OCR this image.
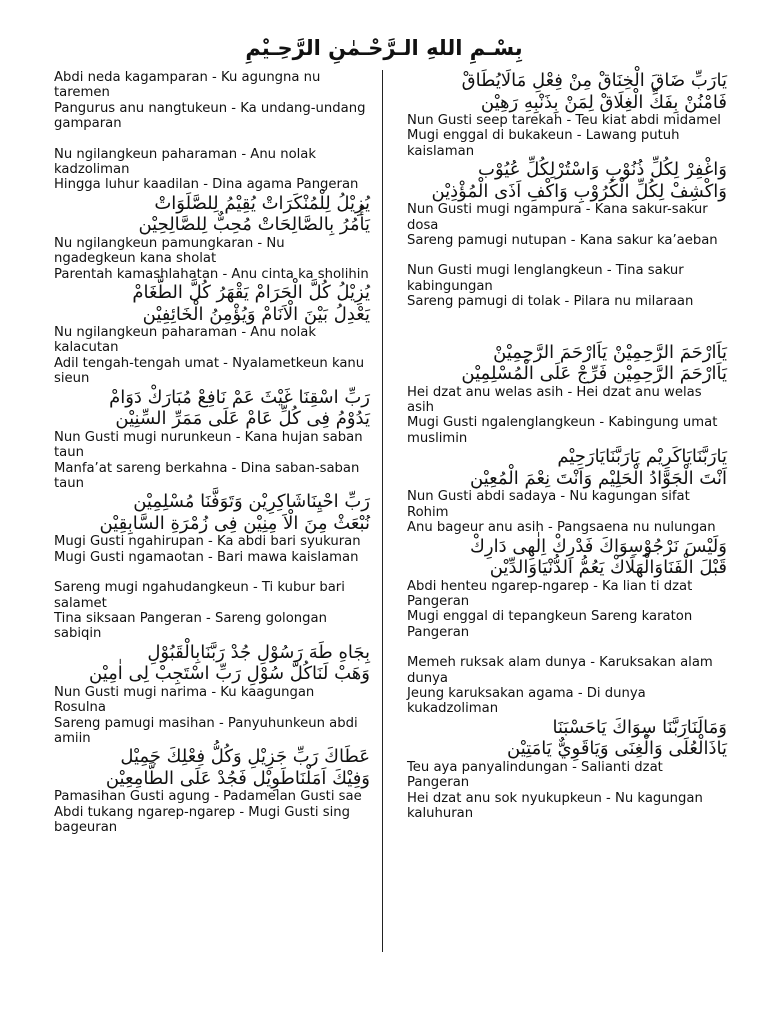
بِسْـمِ اللهِ الـرَّحْـمٰنِ الرَّحِـيْمِ
Abdi neda kagamparan - Ku agungna nu taremen
Pangurus anu nangtukeun - Ka undang-undang gamparan
Nu ngilangkeun paharaman - Anu nolak kadzoliman
Hingga luhur kaadilan - Dina agama Pangeran
يُزِيْلُ لِلْمُنْكَرَاتْ يُقِيْمُ لِلصَّلَوَاتْ
يَأْمُرُ بِالصَّالِحَاتْ مُحِبٌّ لِلصَّالِحِيْن
Nu ngilangkeun pamungkaran - Nu ngadegkeun kana sholat
Parentah kamashlahatan - Anu cinta ka sholihin
يُزِيْلُ كُلَّ الْحَرَامْ يَقْهَرُ كُلَّ الطَّغَامْ
يَعْدِلُ بَيْنَ الْاَنَامْ وَيُؤْمِنُ الْخَائِفِيْن
Nu ngilangkeun paharaman - Anu nolak kalacutan
Adil tengah-tengah umat - Nyalametkeun kanu sieun
رَبِّ اسْقِنَا غَيْثَ عَمْ نَافِعْ مُبَارَكْ دَوَامْ
يَدُوْمُ فِى كُلِّ عَامْ عَلَى مَمَرِّ السِّنِيْن
Nun Gusti mugi nurunkeun - Kana hujan saban taun
Manfa’at sareng berkahna - Dina saban-saban taun
رَبِّ احْيِنَاشَاكِرِيْن وَتَوَفَّنَا مُسْلِمِيْن
نُبْعَثْ مِنَ الْاَ مِنِيْن فِى زُمْرَةِ السَّابِقِيْن
Mugi Gusti ngahirupan - Ka abdi bari syukuran
Mugi Gusti ngamaotan - Bari mawa kaislaman
Sareng mugi ngahudangkeun - Ti kubur bari salamet
Tina siksaan Pangeran - Sareng golongan sabiqin
بِجَاهِ طَهَ رَسُوْلِ جُدْ رَبَّنَابِالْقَبُوْلِ
وَهَبْ لَنَاكُلَّ سُوْلِ رَبِّ اسْتَجِبْ لِى اٰمِيْن
Nun Gusti mugi narima - Ku kaagungan Rosulna
Sareng pamugi masihan - Panyuhunkeun abdi amiin
عَطَاكَ رَبِّ جَزِيْلِ وَكُلُّ فِعْلِكَ جَمِيْل
وَفِيْكَ اَمَلْنَاطَوِيْل فَجُدْ عَلَى الطَّامِعِيْن
Pamasihan Gusti agung - Padamelan Gusti sae
Abdi tukang ngarep-ngarep - Mugi Gusti sing bageuran
يَارَبِّ ضَاقَ الْخِنَاقْ مِنْ فِعْلِ مَالَايُطَاقْ
فَامْنُنْ بِفَكِّ الْغِلَاقْ لِمَنْ بِذَنْبِهِ رَهِيْن
Nun Gusti seep tarekah - Teu kiat abdi midamel
Mugi enggal di bukakeun - Lawang putuh kaislaman
وَاغْفِرْ لِكُلِّ ذُنُوْبِ وَاسْتُرْلِكُلِّ عُيُوْب
وَاكْشِفْ لِكُلِّ الْكُرُوْبِ وَاكْفِ اَذَى الْمُؤْذِيْن
Nun Gusti mugi ngampura - Kana sakur-sakur dosa
Sareng pamugi nutupan - Kana sakur ka’aeban
Nun Gusti mugi lenglangkeun - Tina sakur kabingungan
Sareng pamugi di tolak - Pilara nu milaraan
يَاَارْحَمَ الرَّحِمِيْنْ يَاَارْحَمَ الرَّحِمِيْنْ
يَاَارْحَمَ الرَّحِمِيْن فَرِّجْ عَلَى الْمُسْلِمِيْن
Hei dzat anu welas asih - Hei dzat anu welas asih
Mugi Gusti ngalenglangkeun - Kabingung umat muslimin
يَارَبَّنَايَاكَرِيْم يَارَبَّنَايَارَحِيْم
اَنْتَ الْجَوَّادُ الْحَلِيْم وَاَنْتَ نِعْمَ الْمُعِيْن
Nun Gusti abdi sadaya - Nu kagungan sifat Rohim
Anu bageur anu asih - Pangsaena nu nulungan
وَلَيْسَ نَرْجُوْسِوَاكَ فَدْرِكْ اِلٰهِى دَارِكْ
قَبْلَ الْفَنَاوَالْهَلَاكْ يَعُمُّ الدُّنْيَاوَالدِّيْن
Abdi henteu ngarep-ngarep - Ka lian ti dzat Pangeran
Mugi enggal di tepangkeun Sareng karaton Pangeran
Memeh ruksak alam dunya - Karuksakan alam dunya
Jeung karuksakan agama - Di dunya kukadzoliman
وَمَالَنَارَبَّنَا سِوَاكَ يَاحَسْبَنَا
يَاذَالْعُلَى وَالْغِنَى وَيَاقَوِيٌّ يَامَتِيْن
Teu aya panyalindungan - Salianti dzat Pangeran
Hei dzat anu sok nyukupkeun - Nu kagungan kaluhuran
